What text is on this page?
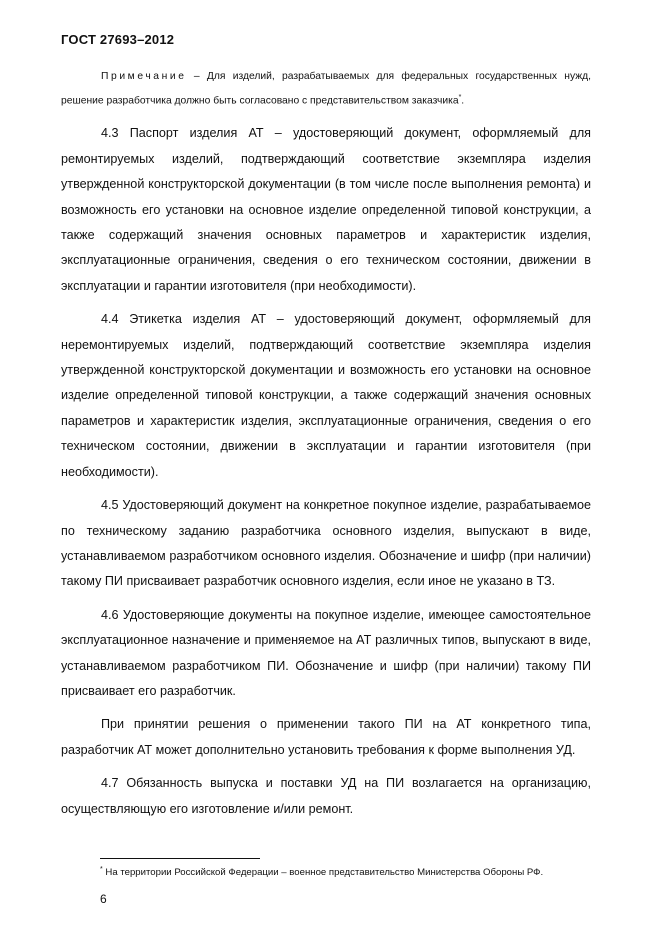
ГОСТ 27693–2012

Примечание – Для изделий, разрабатываемых для федеральных государственных нужд, решение разработчика должно быть согласовано с представительством заказчика*.

4.3 Паспорт изделия АТ – удостоверяющий документ, оформляемый для ремонтируемых изделий, подтверждающий соответствие экземпляра изделия утвержденной конструкторской документации (в том числе после выполнения ремонта) и возможность его установки на основное изделие определенной типовой конструкции, а также содержащий значения основных параметров и характеристик изделия, эксплуатационные ограничения, сведения о его техническом состоянии, движении в эксплуатации и гарантии изготовителя (при необходимости).

4.4 Этикетка изделия АТ – удостоверяющий документ, оформляемый для неремонтируемых изделий, подтверждающий соответствие экземпляра изделия утвержденной конструкторской документации и возможность его установки на основное изделие определенной типовой конструкции, а также содержащий значения основных параметров и характеристик изделия, эксплуатационные ограничения, сведения о его техническом состоянии, движении в эксплуатации и гарантии изготовителя (при необходимости).

4.5 Удостоверяющий документ на конкретное покупное изделие, разрабатываемое по техническому заданию разработчика основного изделия, выпускают в виде, устанавливаемом разработчиком основного изделия. Обозначение и шифр (при наличии) такому ПИ присваивает разработчик основного изделия, если иное не указано в ТЗ.

4.6 Удостоверяющие документы на покупное изделие, имеющее самостоятельное эксплуатационное назначение и применяемое на АТ различных типов, выпускают в виде, устанавливаемом разработчиком ПИ. Обозначение и шифр (при наличии) такому ПИ присваивает его разработчик.

При принятии решения о применении такого ПИ на АТ конкретного типа, разработчик АТ может дополнительно установить требования к форме выполнения УД.

4.7 Обязанность выпуска и поставки УД на ПИ возлагается на организацию, осуществляющую его изготовление и/или ремонт.

* На территории Российской Федерации – военное представительство Министерства Обороны РФ.
6
